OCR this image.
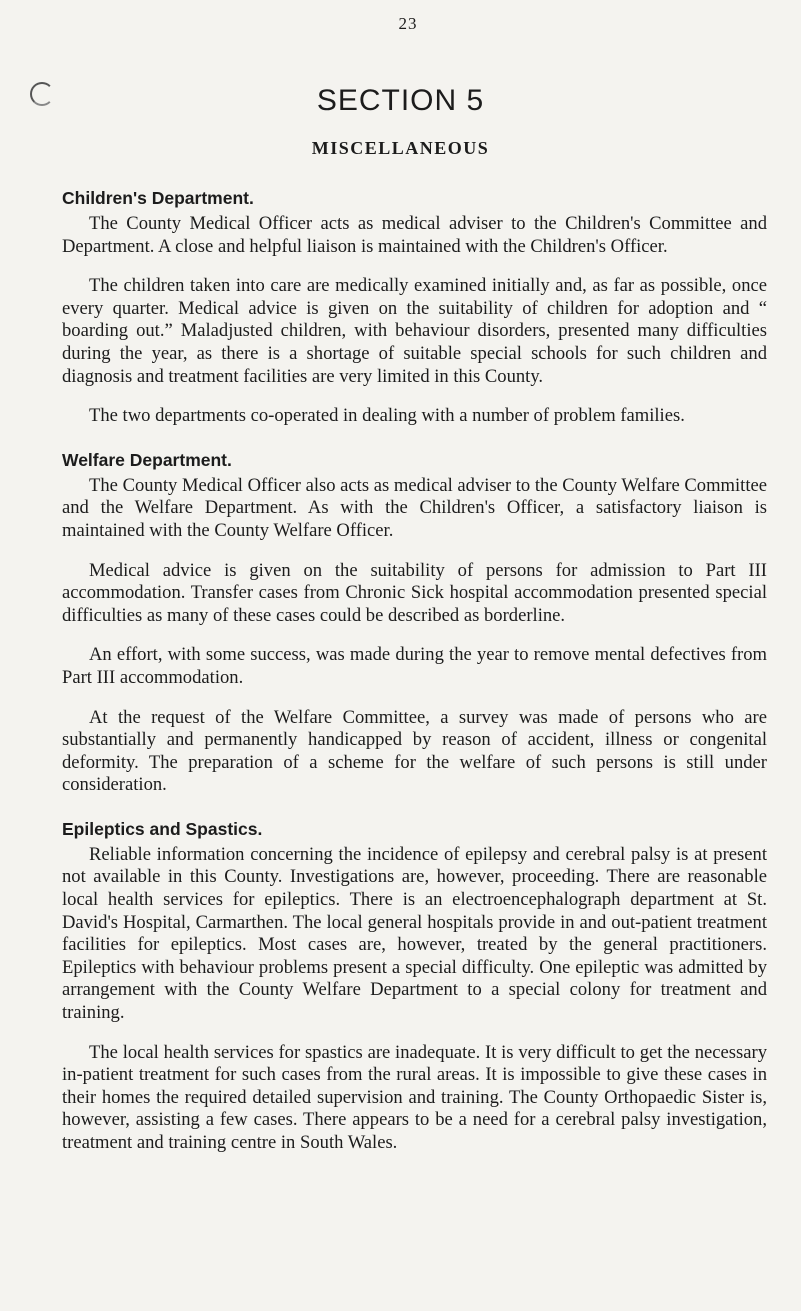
23
SECTION 5
MISCELLANEOUS
Children's Department.

The County Medical Officer acts as medical adviser to the Children's Committee and Department. A close and helpful liaison is maintained with the Children's Officer.

The children taken into care are medically examined initially and, as far as possible, once every quarter. Medical advice is given on the suitability of children for adoption and “ boarding out.” Maladjusted children, with behaviour disorders, presented many difficulties during the year, as there is a shortage of suitable special schools for such children and diagnosis and treatment facilities are very limited in this County.

The two departments co-operated in dealing with a number of problem families.

Welfare Department.

The County Medical Officer also acts as medical adviser to the County Welfare Committee and the Welfare Department. As with the Children's Officer, a satisfactory liaison is maintained with the County Welfare Officer.

Medical advice is given on the suitability of persons for admission to Part III accommodation. Transfer cases from Chronic Sick hospital accommodation presented special difficulties as many of these cases could be described as borderline.

An effort, with some success, was made during the year to remove mental defectives from Part III accommodation.

At the request of the Welfare Committee, a survey was made of persons who are substantially and permanently handicapped by reason of accident, illness or congenital deformity. The preparation of a scheme for the welfare of such persons is still under consideration.

Epileptics and Spastics.

Reliable information concerning the incidence of epilepsy and cerebral palsy is at present not available in this County. Investigations are, however, proceeding. There are reasonable local health services for epileptics. There is an electroencephalograph department at St. David's Hospital, Carmarthen. The local general hospitals provide in and out-patient treatment facilities for epileptics. Most cases are, however, treated by the general practitioners. Epileptics with behaviour problems present a special difficulty. One epileptic was admitted by arrangement with the County Welfare Department to a special colony for treatment and training.

The local health services for spastics are inadequate. It is very difficult to get the necessary in-patient treatment for such cases from the rural areas. It is impossible to give these cases in their homes the required detailed supervision and training. The County Orthopaedic Sister is, however, assisting a few cases. There appears to be a need for a cerebral palsy investigation, treatment and training centre in South Wales.
